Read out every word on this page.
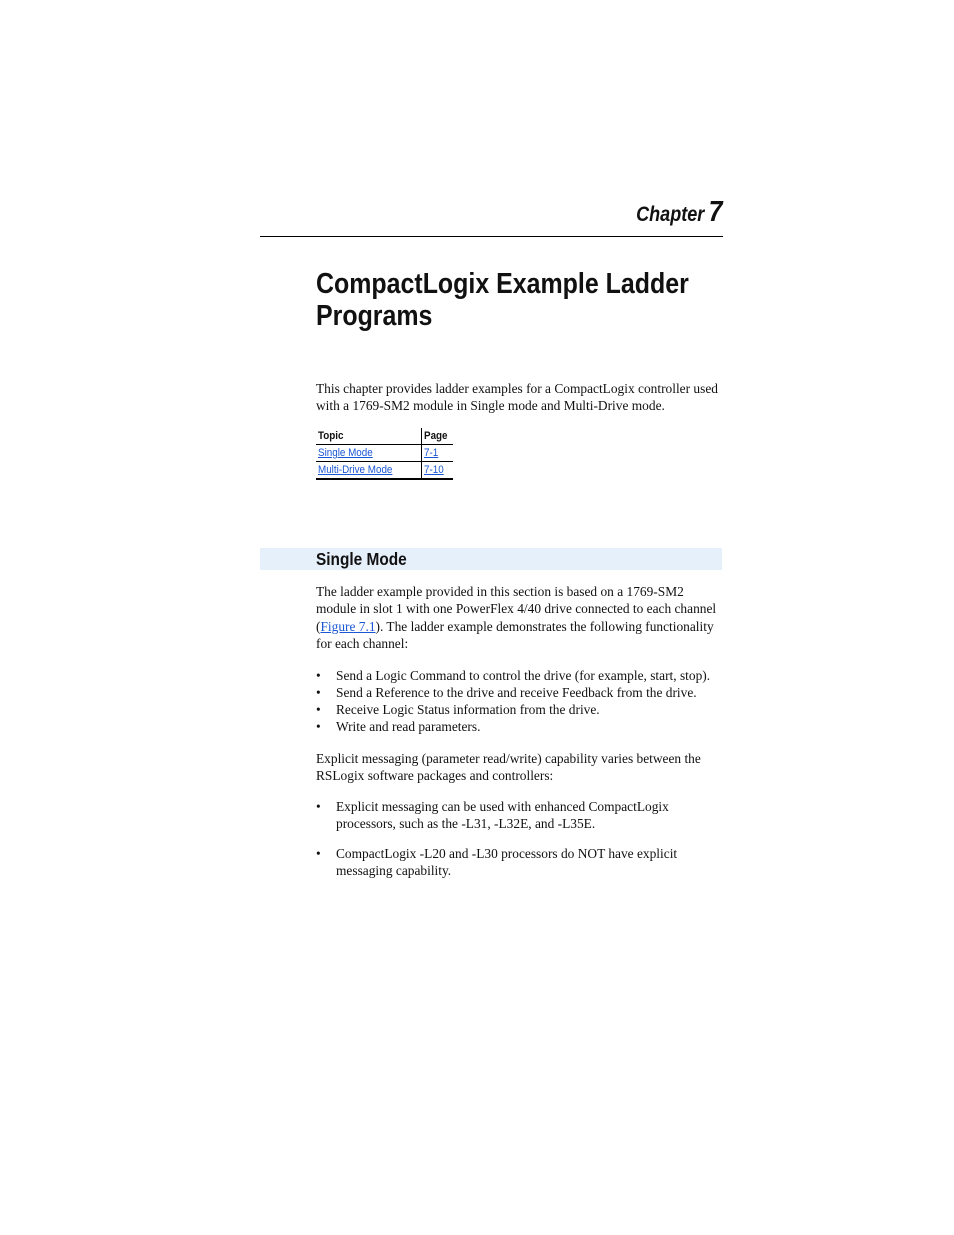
Chapter 7
CompactLogix Example Ladder Programs

This chapter provides ladder examples for a CompactLogix controller used with a 1769-SM2 module in Single mode and Multi-Drive mode.

Topic	Page
Single Mode	7-1
Multi-Drive Mode	7-10
Single Mode

The ladder example provided in this section is based on a 1769-SM2 module in slot 1 with one PowerFlex 4/40 drive connected to each channel (Figure 7.1). The ladder example demonstrates the following functionality for each channel:

• Send a Logic Command to control the drive (for example, start, stop).
• Send a Reference to the drive and receive Feedback from the drive.
• Receive Logic Status information from the drive.
• Write and read parameters.

Explicit messaging (parameter read/write) capability varies between the RSLogix software packages and controllers:

• Explicit messaging can be used with enhanced CompactLogix processors, such as the -L31, -L32E, and -L35E.
• CompactLogix -L20 and -L30 processors do NOT have explicit messaging capability.
